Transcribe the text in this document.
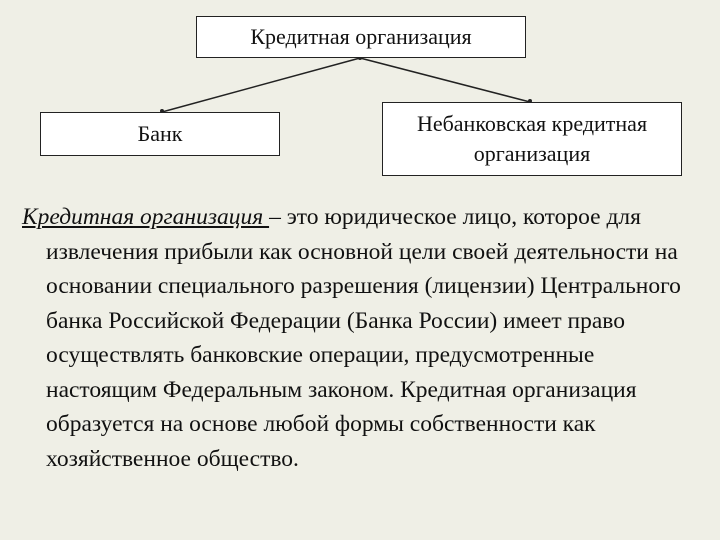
Кредитная организация
Банк	Небанковская кредитная организация
Кредитная организация – это юридическое лицо, которое для извлечения прибыли как основной цели своей деятельности на основании специального разрешения (лицензии) Центрального банка Российской Федерации (Банка России) имеет право осуществлять банковские операции, предусмотренные настоящим Федеральным законом. Кредитная организация образуется на основе любой формы собственности как хозяйственное общество.
